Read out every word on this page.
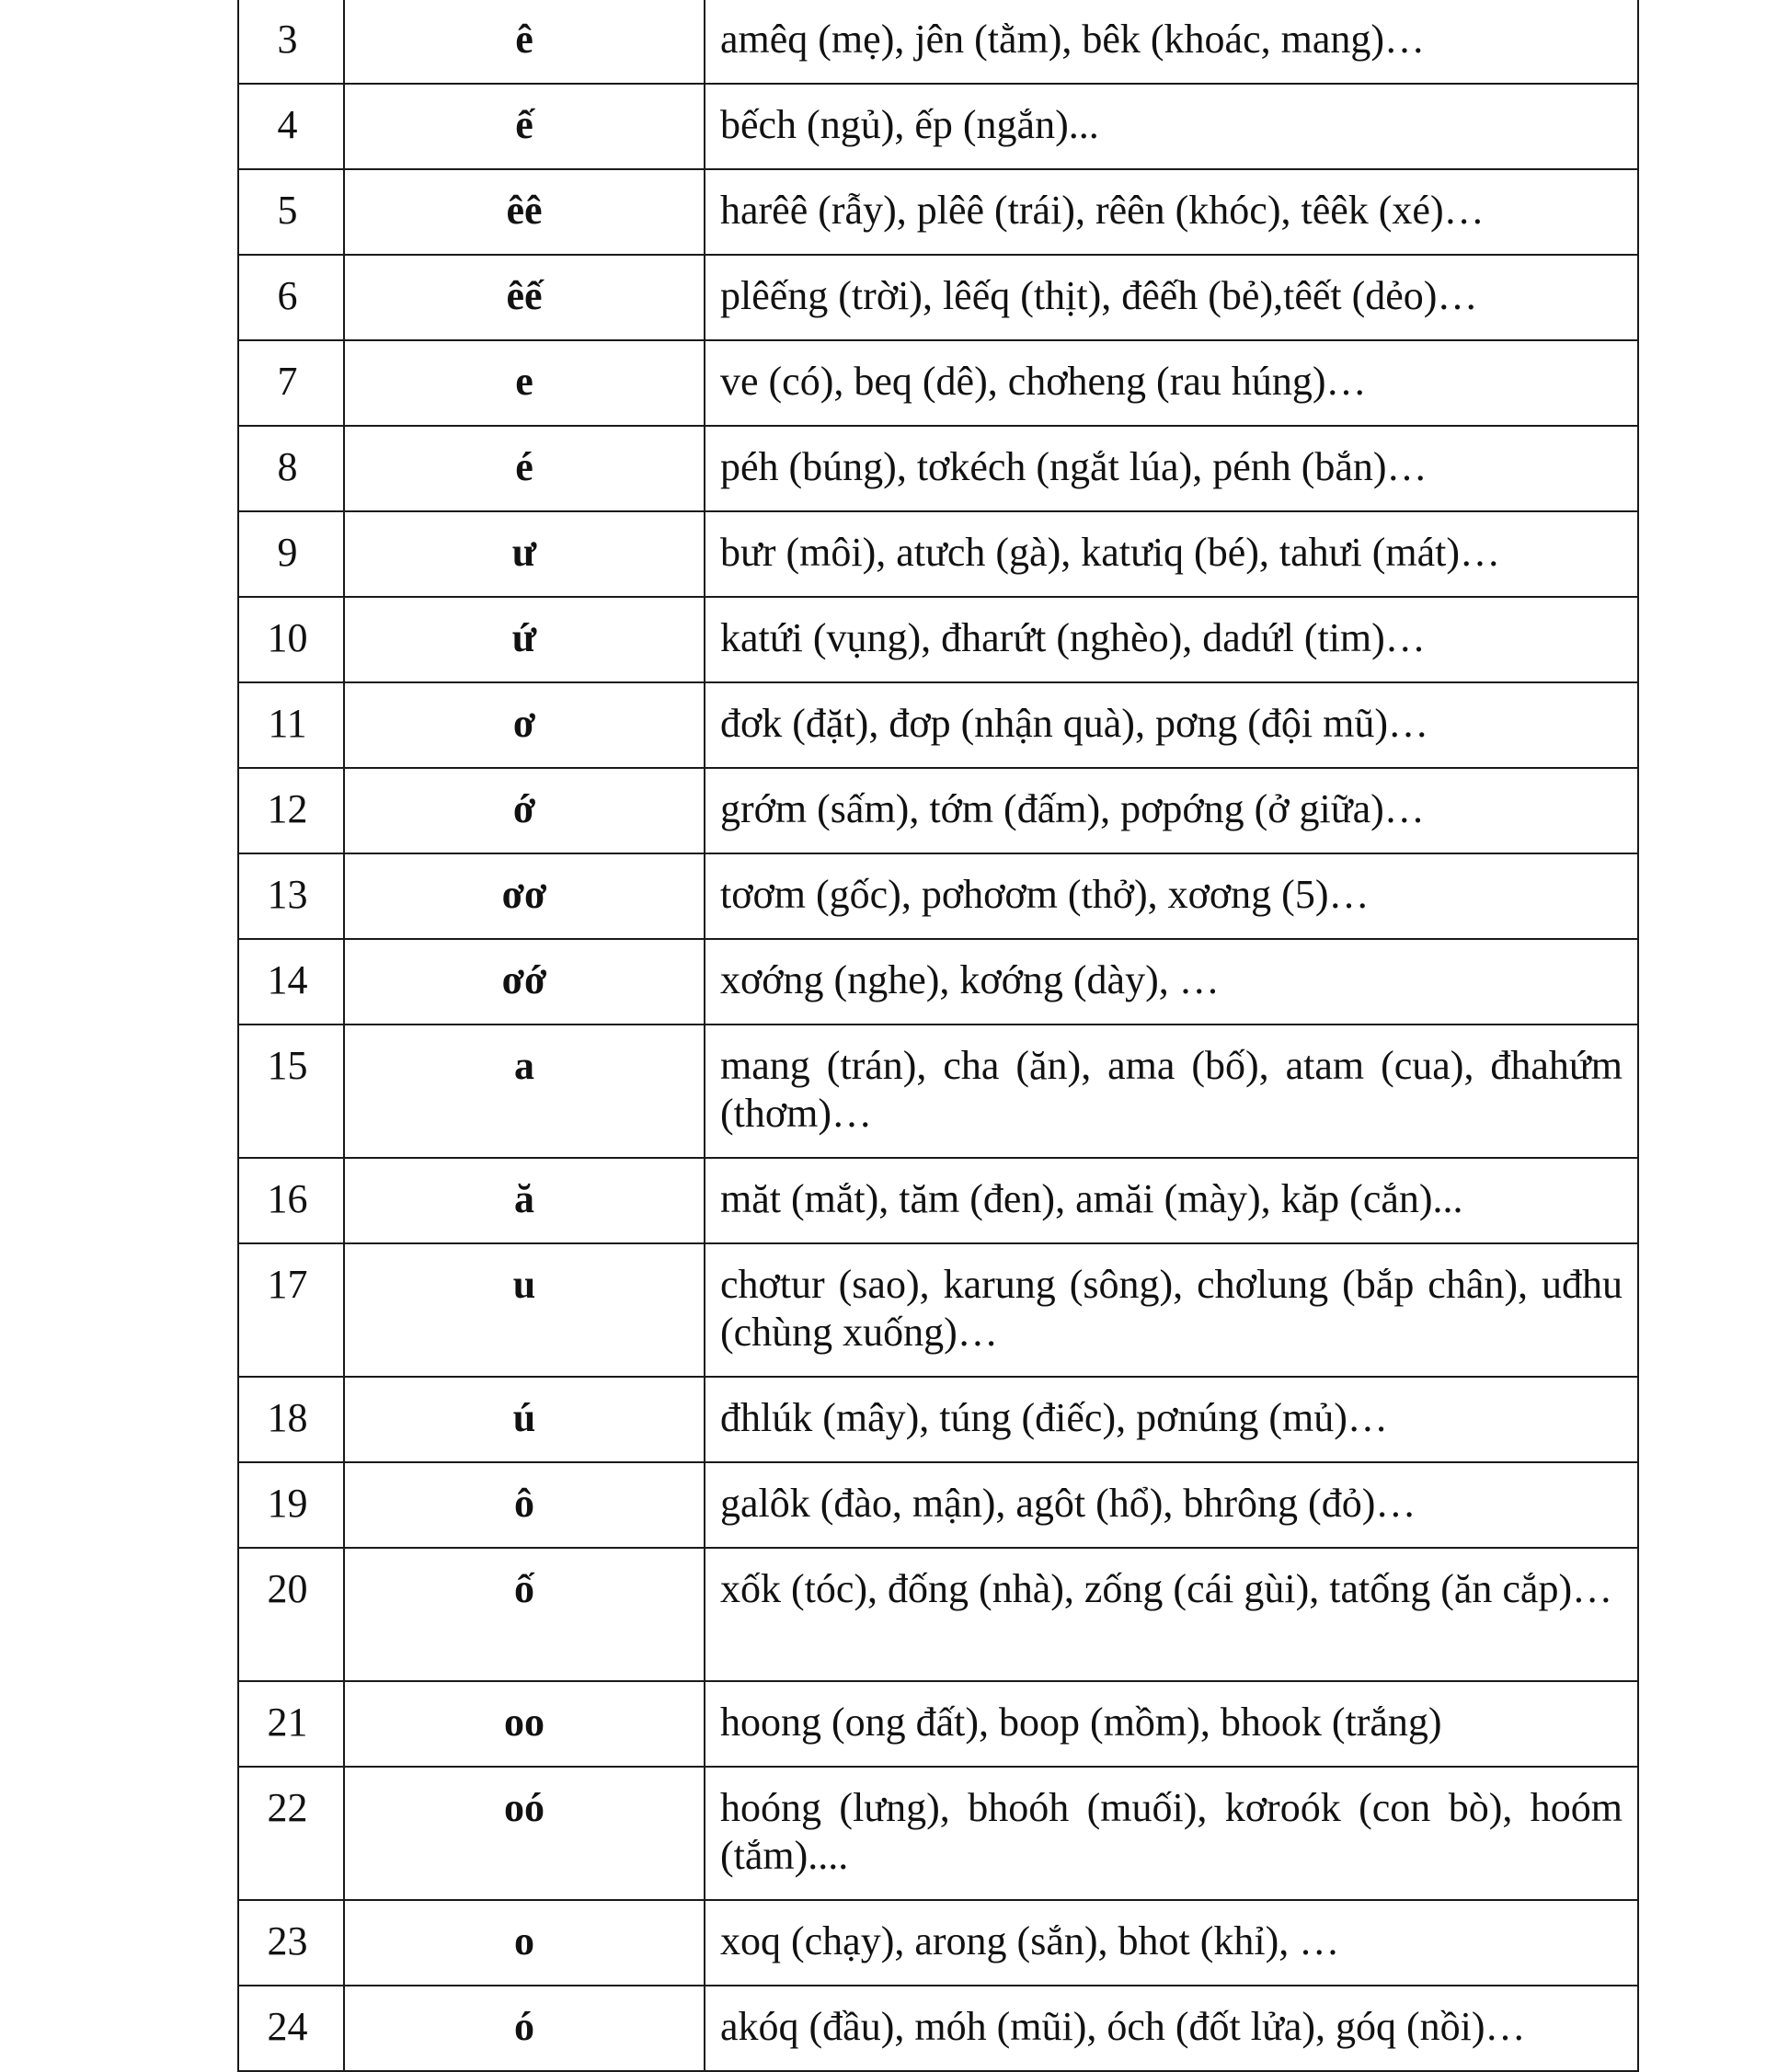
3	ê	amêq (mẹ), jên (tằm), bêk (khoác, mang)…
4	ế	bếch (ngủ), ếp (ngắn)...
5	êê	harêê (rẫy), plêê (trái), rêên (khóc), têêk (xé)…
6	êế	plêếng (trời), lêếq (thịt), đêếh (bẻ),têết (dẻo)…
7	e	ve (có), beq (dê), chơheng (rau húng)…
8	é	péh (búng), tơkéch (ngắt lúa), pénh (bắn)…
9	ư	bưr (môi), atưch (gà), katưiq (bé), tahưi (mát)…
10	ứ	katứi (vụng), đharứt (nghèo), dadứl (tim)…
11	ơ	đơk (đặt), đơp (nhận quà), pơng (đội mũ)…
12	ớ	grớm (sấm), tớm (đấm), pơpớng (ở giữa)…
13	ơơ	tơơm (gốc), pơhơơm (thở), xơơng (5)…
14	ơớ	xơớng (nghe), kơớng (dày), …
15	a	mang (trán), cha (ăn), ama (bố), atam (cua), đhahứm (thơm)…
16	ă	măt (mắt), tăm (đen), amăi (mày), kăp (cắn)...
17	u	chơtur (sao), karung (sông), chơlung (bắp chân), uđhu (chùng xuống)…
18	ú	đhlúk (mây), túng (điếc), pơnúng (mủ)…
19	ô	galôk (đào, mận), agôt (hổ), bhrông (đỏ)…
20	ố	xốk (tóc), đống (nhà), zống (cái gùi), tatống (ăn cắp)…
21	oo	hoong (ong đất), boop (mồm), bhook (trắng)
22	oó	hoóng (lưng), bhoóh (muối), kơroók (con bò), hoóm (tắm)....
23	o	xoq (chạy), arong (sắn), bhot (khỉ), …
24	ó	akóq (đầu), móh (mũi), óch (đốt lửa), góq (nồi)…
